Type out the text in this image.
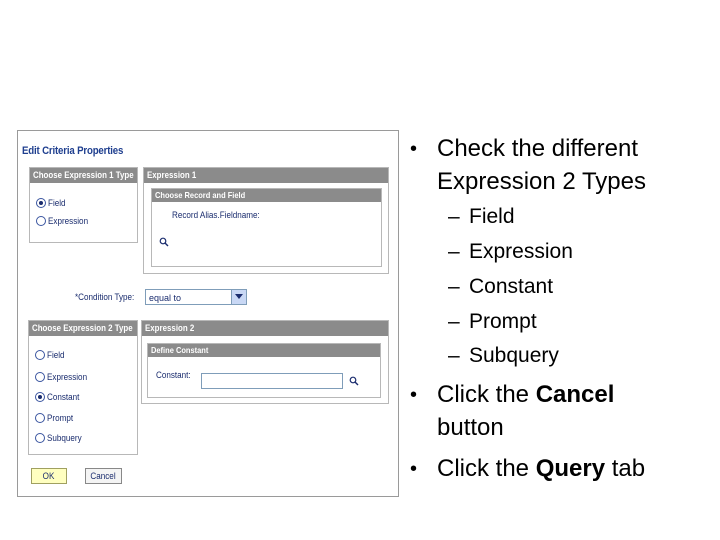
Edit Criteria Properties
Choose Expression 1 Type
Field
Expression
Expression 1
Choose Record and Field
Record Alias.Fieldname:
*Condition Type:	equal to
Choose Expression 2 Type
Field
Expression
Constant
Prompt
Subquery
Expression 2
Define Constant
Constant:
OK	Cancel
• Check the different
Expression 2 Types
– Field
– Expression
– Constant
– Prompt
– Subquery
• Click the Cancel
button
• Click the Query tab
